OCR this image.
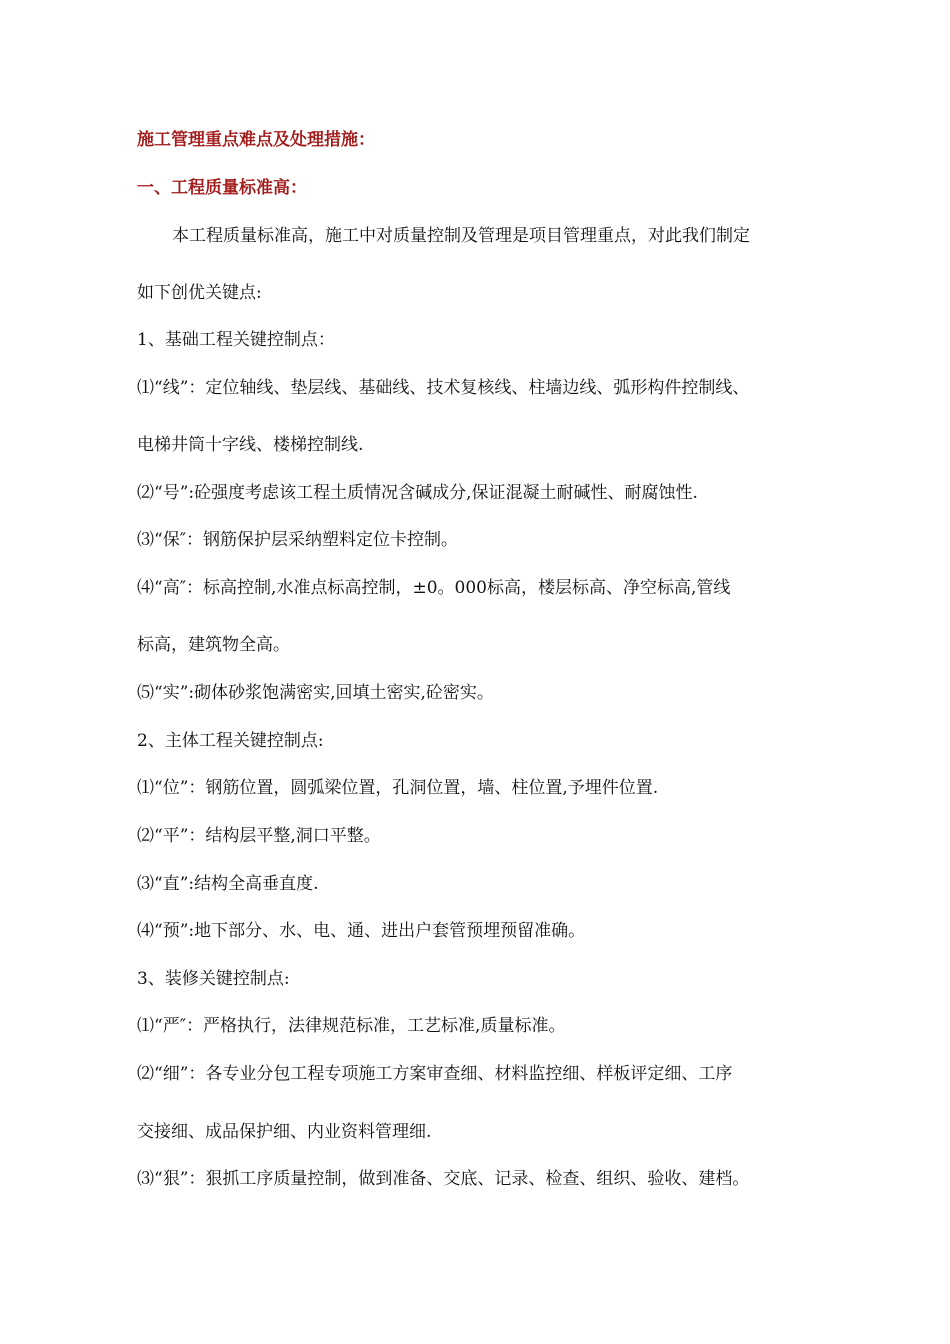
施工管理重点难点及处理措施：
一、工程质量标准高：
本工程质量标准高，施工中对质量控制及管理是项目管理重点，对此我们制定
如下创优关键点:
1、基础工程关键控制点：
⑴“线”：定位轴线、垫层线、基础线、技术复核线、柱墙边线、弧形构件控制线、
电梯井筒十字线、楼梯控制线.
⑵“号”:砼强度考虑该工程土质情况含碱成分,保证混凝土耐碱性、耐腐蚀性.
⑶“保″：钢筋保护层采纳塑料定位卡控制。
⑷“高″：标高控制,水准点标高控制，±0。000标高，楼层标高、净空标高,管线
标高，建筑物全高。
⑸“实”:砌体砂浆饱满密实,回填土密实,砼密实。
2、主体工程关键控制点:
⑴“位”：钢筋位置，圆弧梁位置，孔洞位置，墙、柱位置,予埋件位置.
⑵“平”：结构层平整,洞口平整。
⑶“直”:结构全高垂直度.
⑷“预”:地下部分、水、电、通、进出户套管预埋预留准确。
3、装修关键控制点:
⑴“严″：严格执行，法律规范标准，工艺标准,质量标准。
⑵“细”：各专业分包工程专项施工方案审查细、材料监控细、样板评定细、工序
交接细、成品保护细、内业资料管理细.
⑶“狠”：狠抓工序质量控制，做到准备、交底、记录、检查、组织、验收、建档。
